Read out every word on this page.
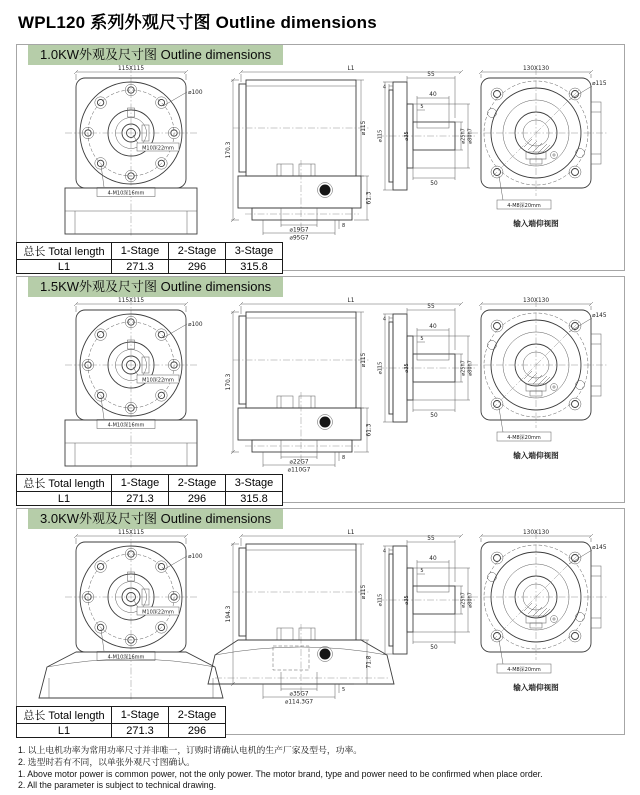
WPL120 系列外观尺寸图 Outline dimensions
1.0KW外观及尺寸图 Outline dimensions
115X115
⌀100
M10深22mm
4-M10深16mm
L1
170.3
⌀115
61.3
⌀19G7
⌀95G7
8
55
4
40
5
50
⌀35	⌀25h7 ⌀80h7
⌀115
130X130
⌀115
4-M8深20mm
输入端仰视图
总长 Total length	1-Stage	2-Stage	3-Stage
L1	271.3	296	315.8
1.5KW外观及尺寸图 Outline dimensions
115X115
⌀100
M10深22mm
4-M10深16mm
L1
170.3
⌀115
61.3
⌀22G7
⌀110G7
8
55
4
40
5
50
⌀35	⌀25h7 ⌀80h7
⌀115
130X130
⌀145
4-M8深20mm
输入端仰视图
总长 Total length	1-Stage	2-Stage	3-Stage
L1	271.3	296	315.8
3.0KW外观及尺寸图 Outline dimensions
115X115
⌀100
M10深22mm
4-M10深16mm
L1
194.3
⌀115
71.8
⌀35G7
⌀114.3G7
5
55
4
40
5
50
⌀35	⌀25h7 ⌀80h7
⌀115
130X130
⌀145
4-M8深20mm
输入端仰视图
总长 Total length	1-Stage	2-Stage
L1	271.3	296
1. 以上电机功率为常用功率尺寸并非唯一，订购时请确认电机的生产厂家及型号，功率。
2. 选型时若有不同，以单张外观尺寸图确认。
1. Above motor power is common power, not the only power. The motor brand, type and power need to be confirmed when place order.
2. All the parameter is subject to technical drawing.
